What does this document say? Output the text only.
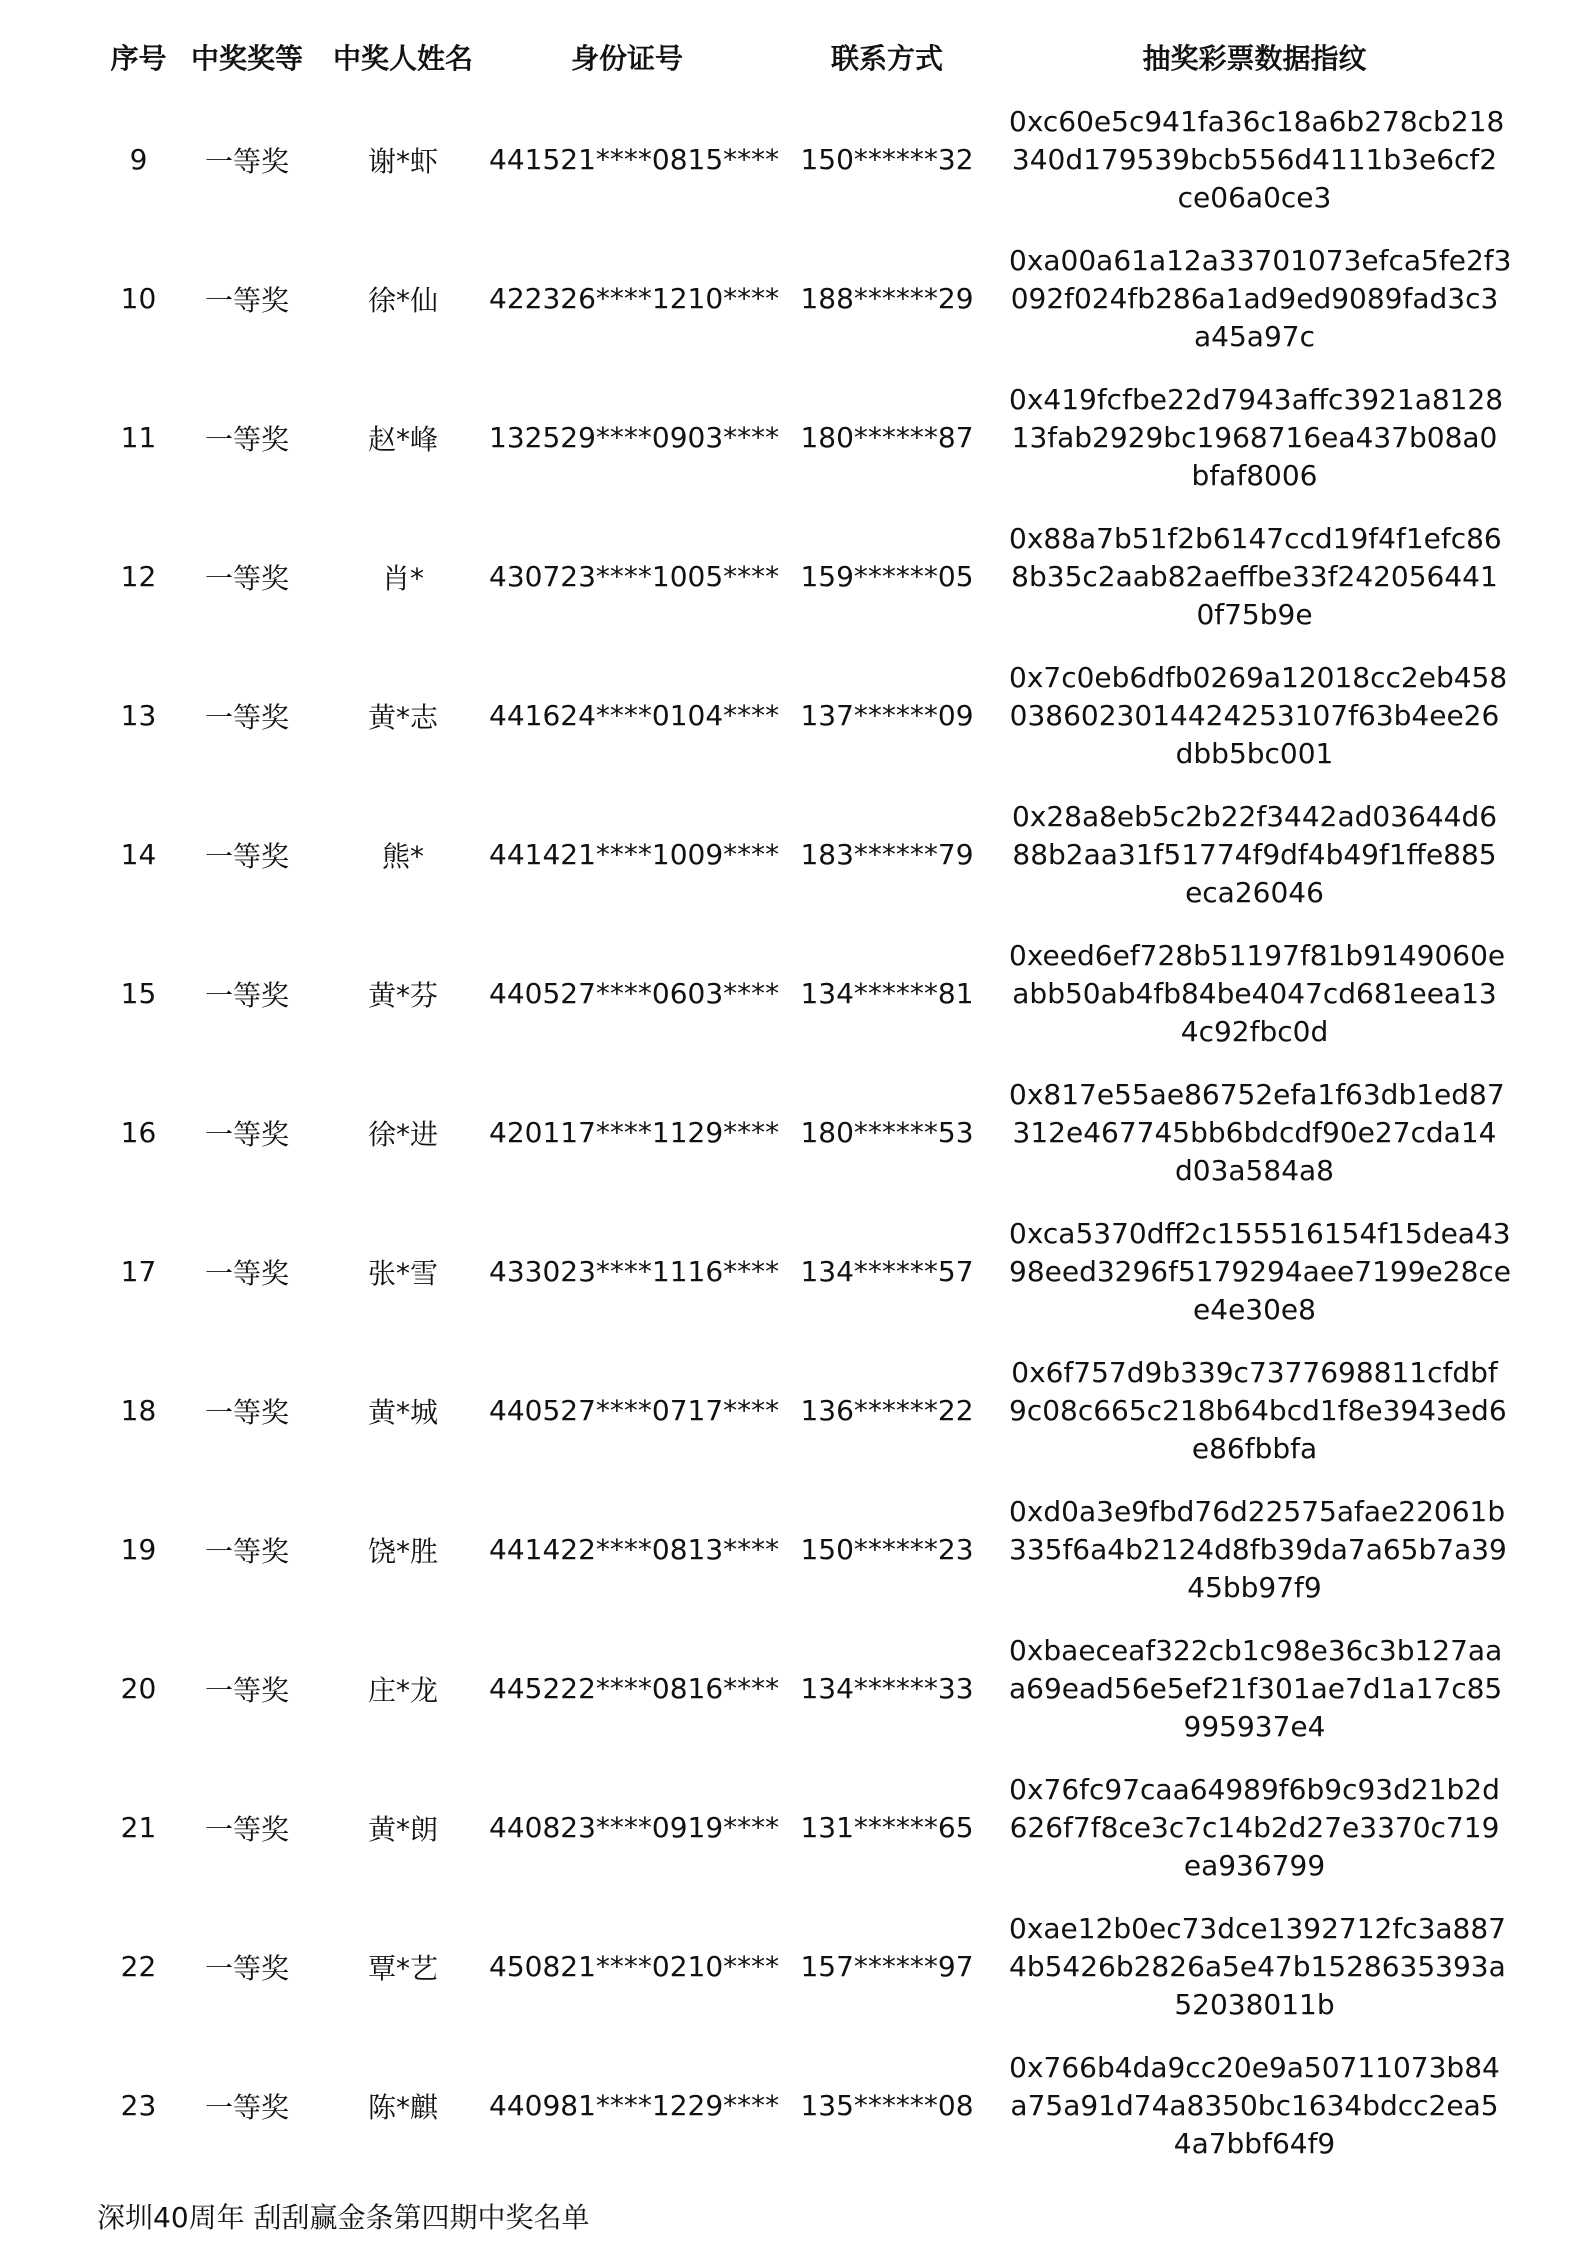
序号	中奖奖等	中奖人姓名	身份证号	联系方式	抽奖彩票数据指纹
9	一等奖	谢*虾	441521****0815****	150******32	0xc60e5c941fa36c18a6b278cb218
340d179539bcb556d4111b3e6cf2
ce06a0ce3

10	一等奖	徐*仙	422326****1210****	188******29	0xa00a61a12a33701073efca5fe2f3
092f024fb286a1ad9ed9089fad3c3
a45a97c

11	一等奖	赵*峰	132529****0903****	180******87	0x419fcfbe22d7943affc3921a8128
13fab2929bc1968716ea437b08a0
bfaf8006

12	一等奖	肖*	430723****1005****	159******05	0x88a7b51f2b6147ccd19f4f1efc86
8b35c2aab82aeffbe33f242056441
0f75b9e

13	一等奖	黄*志	441624****0104****	137******09	0x7c0eb6dfb0269a12018cc2eb458
0386023014424253107f63b4ee26
dbb5bc001

14	一等奖	熊*	441421****1009****	183******79	0x28a8eb5c2b22f3442ad03644d6
88b2aa31f51774f9df4b49f1ffe885
eca26046

15	一等奖	黄*芬	440527****0603****	134******81	0xeed6ef728b51197f81b9149060e
abb50ab4fb84be4047cd681eea13
4c92fbc0d

16	一等奖	徐*进	420117****1129****	180******53	0x817e55ae86752efa1f63db1ed87
312e467745bb6bdcdf90e27cda14
d03a584a8

17	一等奖	张*雪	433023****1116****	134******57	0xca5370dff2c155516154f15dea43
98eed3296f5179294aee7199e28ce
e4e30e8

18	一等奖	黄*城	440527****0717****	136******22	0x6f757d9b339c7377698811cfdbf
9c08c665c218b64bcd1f8e3943ed6
e86fbbfa

19	一等奖	饶*胜	441422****0813****	150******23	0xd0a3e9fbd76d22575afae22061b
335f6a4b2124d8fb39da7a65b7a39
45bb97f9

20	一等奖	庄*龙	445222****0816****	134******33	0xbaeceaf322cb1c98e36c3b127aa
a69ead56e5ef21f301ae7d1a17c85
995937e4

21	一等奖	黄*朗	440823****0919****	131******65	0x76fc97caa64989f6b9c93d21b2d
626f7f8ce3c7c14b2d27e3370c719
ea936799

22	一等奖	覃*艺	450821****0210****	157******97	0xae12b0ec73dce1392712fc3a887
4b5426b2826a5e47b1528635393a
52038011b

23	一等奖	陈*麒	440981****1229****	135******08	0x766b4da9cc20e9a50711073b84
a75a91d74a8350bc1634bdcc2ea5
4a7bbf64f9
深圳40周年 刮刮赢金条第四期中奖名单
